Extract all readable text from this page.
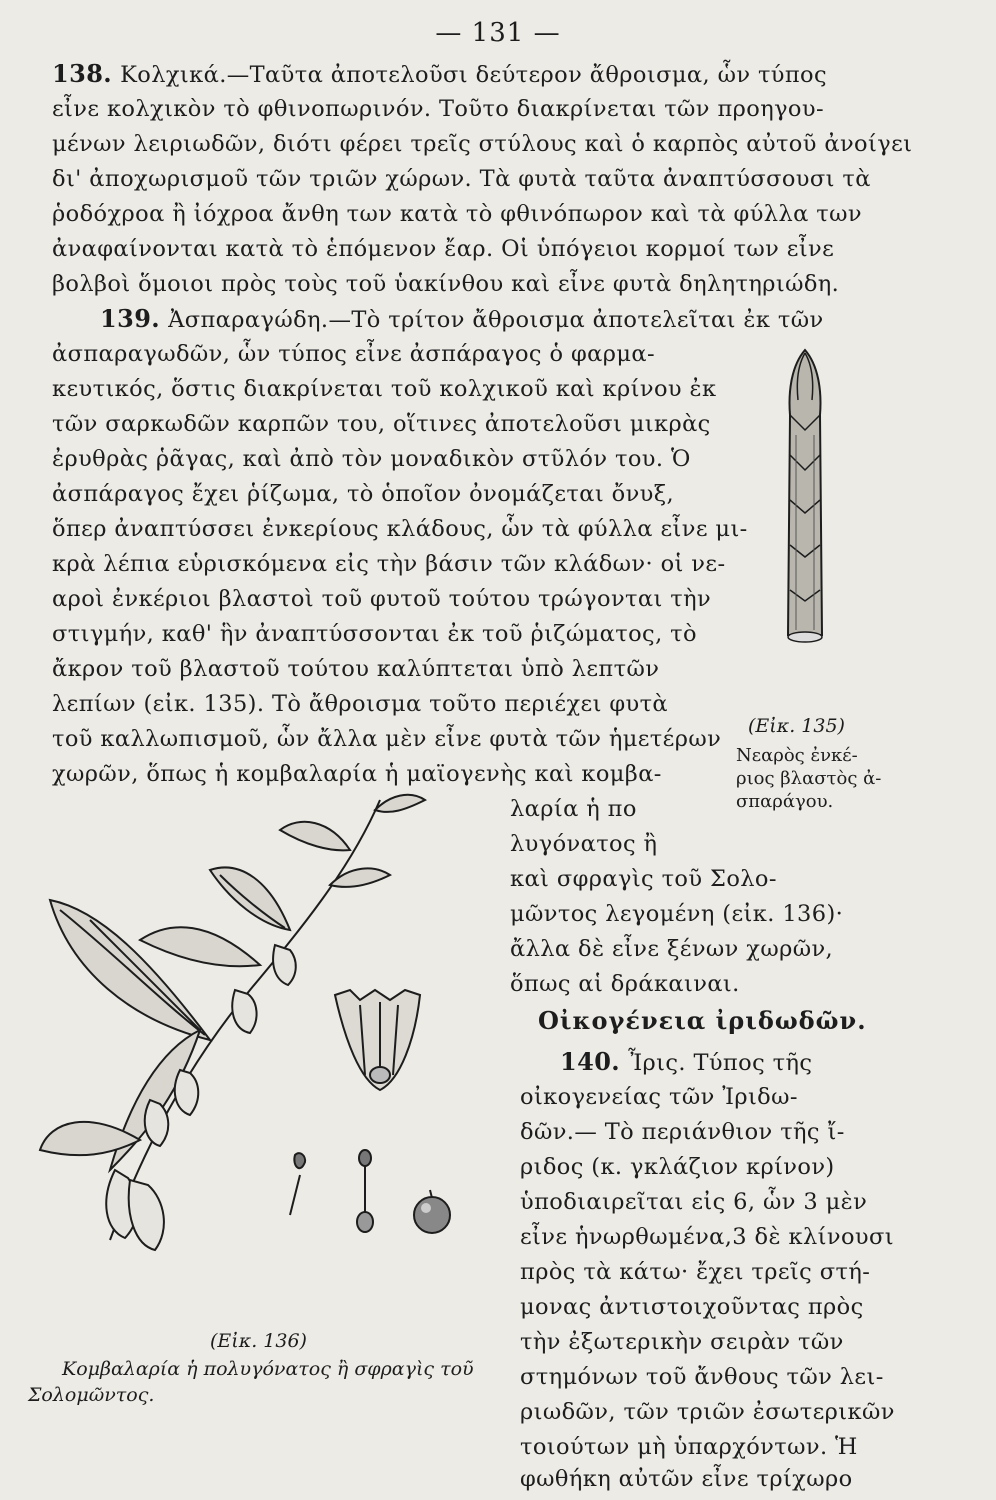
— 131 —
138. Κολχικά.—Ταῦτα ἀποτελοῦσι δεύτερον ἄθροισμα, ὧν τύπος
εἶνε κολχικὸν τὸ φθινοπωρινόν. Τοῦτο διακρίνεται τῶν προηγου-
μένων λειριωδῶν, διότι φέρει τρεῖς στύλους καὶ ὁ καρπὸς αὐτοῦ ἀνοίγει
δι' ἀποχωρισμοῦ τῶν τριῶν χώρων. Τὰ φυτὰ ταῦτα ἀναπτύσσουσι τὰ
ῥοδόχροα ἢ ἰόχροα ἄνθη των κατὰ τὸ φθινόπωρον καὶ τὰ φύλλα των
ἀναφαίνονται κατὰ τὸ ἑπόμενον ἔαρ. Οἱ ὑπόγειοι κορμοί των εἶνε
βολβοὶ ὅμοιοι πρὸς τοὺς τοῦ ὑακίνθου καὶ εἶνε φυτὰ δηλητηριώδη.
139. Ἀσπαραγώδη.—Τὸ τρίτον ἄθροισμα ἀποτελεῖται ἐκ τῶν
ἀσπαραγωδῶν, ὧν τύπος εἶνε ἀσπάραγος ὁ φαρμα-
κευτικός, ὅστις διακρίνεται τοῦ κολχικοῦ καὶ κρίνου ἐκ
τῶν σαρκωδῶν καρπῶν του, οἵτινες ἀποτελοῦσι μικρὰς
ἐρυθρὰς ῥᾶγας, καὶ ἀπὸ τὸν μοναδικὸν στῦλόν του. Ὁ
ἀσπάραγος ἔχει ῥίζωμα, τὸ ὁποῖον ὀνομάζεται ὄνυξ,
ὅπερ ἀναπτύσσει ἐνκερίους κλάδους, ὧν τὰ φύλλα εἶνε μι-
κρὰ λέπια εὑρισκόμενα εἰς τὴν βάσιν τῶν κλάδων· οἱ νε-
αροὶ ἐνκέριοι βλαστοὶ τοῦ φυτοῦ τούτου τρώγονται τὴν
στιγμήν, καθ' ἣν ἀναπτύσσονται ἐκ τοῦ ῥιζώματος, τὸ
ἄκρον τοῦ βλαστοῦ τούτου καλύπτεται ὑπὸ λεπτῶν
λεπίων (εἰκ. 135). Τὸ ἄθροισμα τοῦτο περιέχει φυτὰ
τοῦ καλλωπισμοῦ, ὧν ἄλλα μὲν εἶνε φυτὰ τῶν ἡμετέρων
χωρῶν, ὅπως ἡ κομβαλαρία ἡ μαϊογενὴς καὶ κομβα-
λαρία ἡ πο
λυγόνατος ἢ
καὶ σφραγὶς τοῦ Σολο-
μῶντος λεγομένη (εἰκ. 136)·
ἄλλα δὲ εἶνε ξένων χωρῶν,
ὅπως αἱ δράκαιναι.
Οἰκογένεια ἰριδωδῶν.
140. Ἶρις. Τύπος τῆς
οἰκογενείας τῶν Ἰριδω-
δῶν.— Τὸ περιάνθιον τῆς ἴ-
ριδος (κ. γκλάζιον κρίνον)
ὑποδιαιρεῖται εἰς 6, ὧν 3 μὲν
εἶνε ἡνωρθωμένα,3 δὲ κλίνουσι
πρὸς τὰ κάτω· ἔχει τρεῖς στή-
μονας ἀντιστοιχοῦντας πρὸς
τὴν ἐξωτερικὴν σειρὰν τῶν
στημόνων τοῦ ἄνθους τῶν λει-
ριωδῶν, τῶν τριῶν ἐσωτερικῶν
τοιούτων μὴ ὑπαρχόντων. Ἡ
φωθήκη αὐτῶν εἶνε τρίχωρο
(Εἰκ. 135)
Νεαρὸς ἐνκέ-
ριος βλαστὸς ἀ-
σπαράγου.
(Εἰκ. 136)
Κομβαλαρία ἡ πολυγόνατος ἢ σφραγὶς τοῦ
Σολομῶντος.
